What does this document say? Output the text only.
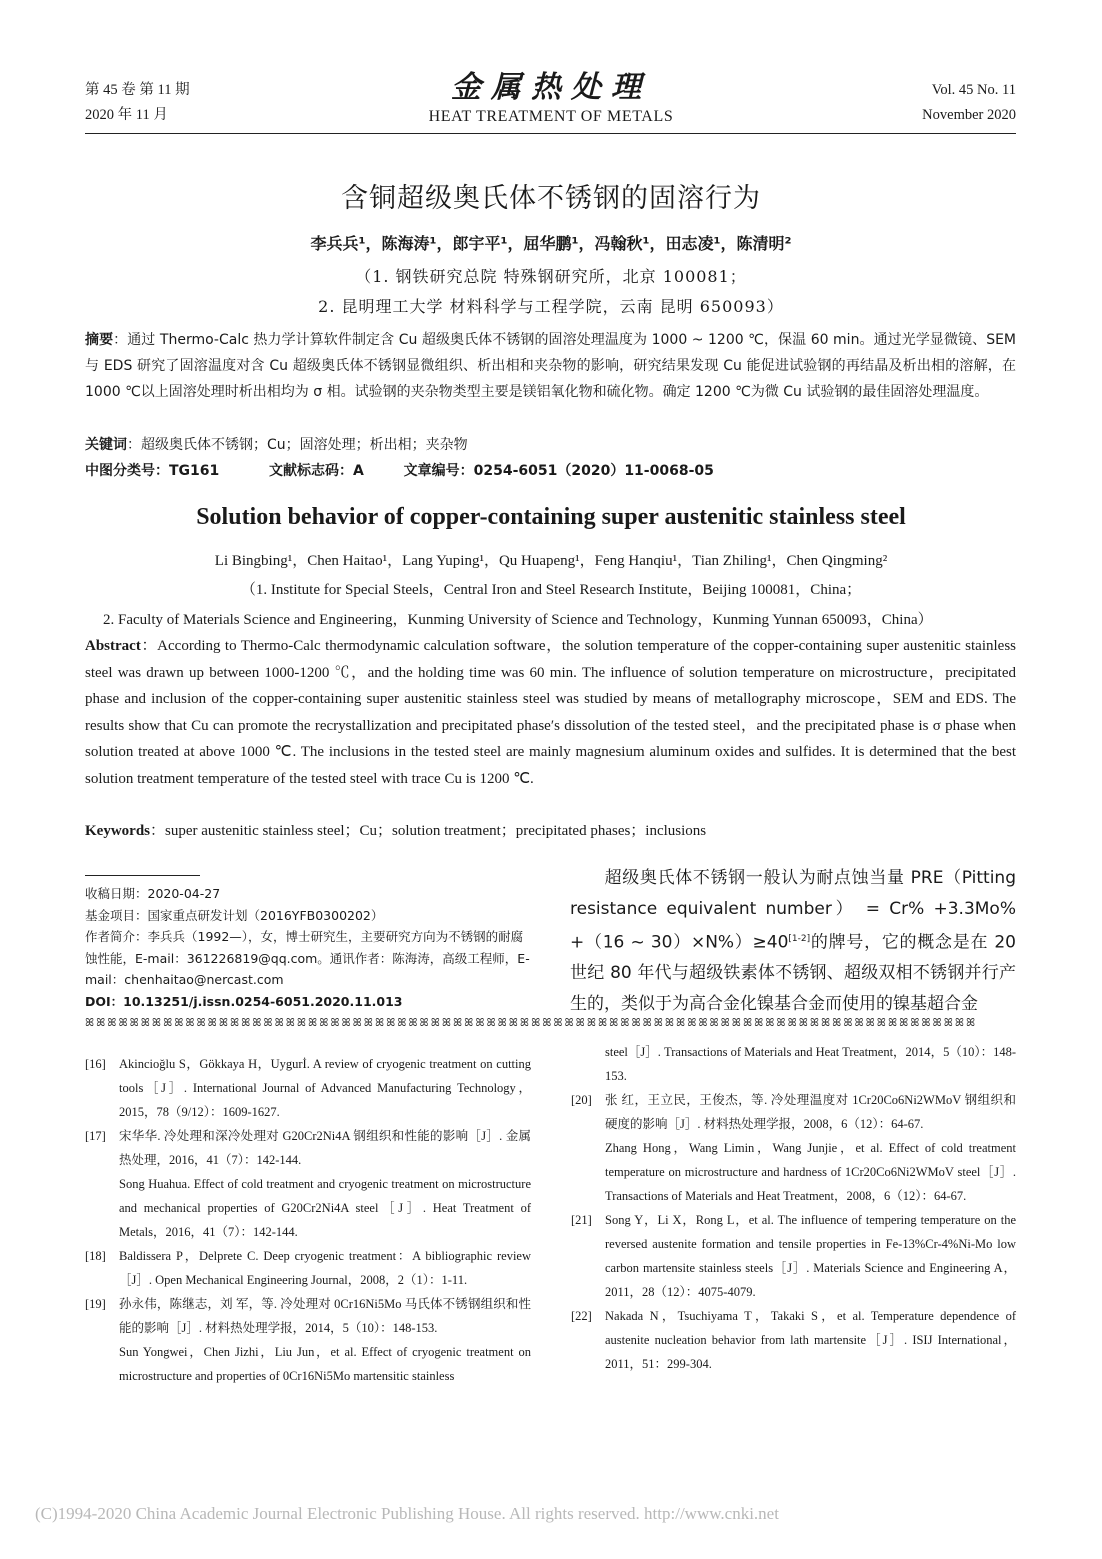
第 45 卷 第 11 期
2020 年 11 月
金属热处理
HEAT TREATMENT OF METALS
Vol. 45 No. 11
November 2020
含铜超级奥氏体不锈钢的固溶行为
李兵兵¹，陈海涛¹，郎宇平¹，屈华鹏¹，冯翰秋¹，田志凌¹，陈清明²
（1. 钢铁研究总院 特殊钢研究所，北京 100081；
2. 昆明理工大学 材料科学与工程学院，云南 昆明 650093）
摘要：通过 Thermo-Calc 热力学计算软件制定含 Cu 超级奥氏体不锈钢的固溶处理温度为 1000 ~ 1200 ℃，保温 60 min。通过光学显微镜、SEM 与 EDS 研究了固溶温度对含 Cu 超级奥氏体不锈钢显微组织、析出相和夹杂物的影响，研究结果发现 Cu 能促进试验钢的再结晶及析出相的溶解，在 1000 ℃以上固溶处理时析出相均为 σ 相。试验钢的夹杂物类型主要是镁铝氧化物和硫化物。确定 1200 ℃为微 Cu 试验钢的最佳固溶处理温度。
关键词：超级奥氏体不锈钢；Cu；固溶处理；析出相；夹杂物
中图分类号：TG161	文献标志码：A	文章编号：0254-6051（2020）11-0068-05
Solution behavior of copper-containing super austenitic stainless steel
Li Bingbing¹，Chen Haitao¹，Lang Yuping¹，Qu Huapeng¹，Feng Hanqiu¹，Tian Zhiling¹，Chen Qingming²
（1. Institute for Special Steels，Central Iron and Steel Research Institute，Beijing 100081，China；
2. Faculty of Materials Science and Engineering，Kunming University of Science and Technology，Kunming Yunnan 650093，China）
Abstract：According to Thermo-Calc thermodynamic calculation software，the solution temperature of the copper-containing super austenitic stainless steel was drawn up between 1000-1200 ℃，and the holding time was 60 min. The influence of solution temperature on microstructure，precipitated phase and inclusion of the copper-containing super austenitic stainless steel was studied by means of metallography microscope，SEM and EDS. The results show that Cu can promote the recrystallization and precipitated phase′s dissolution of the tested steel，and the precipitated phase is σ phase when solution treated at above 1000 ℃. The inclusions in the tested steel are mainly magnesium aluminum oxides and sulfides. It is determined that the best solution treatment temperature of the tested steel with trace Cu is 1200 ℃.
Keywords：super austenitic stainless steel；Cu；solution treatment；precipitated phases；inclusions
收稿日期：2020-04-27
基金项目：国家重点研发计划（2016YFB0300202）
作者简介：李兵兵（1992—），女，博士研究生，主要研究方向为不锈钢的耐腐蚀性能，E-mail：361226819@qq.com。通讯作者：陈海涛，高级工程师，E-mail：chenhaitao@nercast.com
DOI：10.13251/j.issn.0254-6051.2020.11.013
超级奥氏体不锈钢一般认为耐点蚀当量 PRE（Pitting resistance equivalent number） = Cr% +3.3Mo% +（16 ~ 30）×N%）≥40[1-2]的牌号，它的概念是在 20 世纪 80 年代与超级铁素体不锈钢、超级双相不锈钢并行产生的，类似于为高合金化镍基合金而使用的镍基超合金
ꕤꕤꕤꕤꕤꕤꕤꕤꕤꕤꕤꕤꕤꕤꕤꕤꕤꕤꕤꕤꕤꕤꕤꕤꕤꕤꕤꕤꕤꕤꕤꕤꕤꕤꕤꕤꕤꕤꕤꕤꕤꕤꕤꕤꕤꕤꕤꕤꕤꕤꕤꕤꕤꕤꕤꕤꕤꕤꕤꕤꕤꕤꕤꕤꕤꕤꕤꕤꕤꕤꕤꕤꕤꕤꕤꕤꕤꕤꕤꕤ
[16]	Akincioğlu S，Gökkaya H，Uygurİ. A review of cryogenic treatment on cutting tools［J］. International Journal of Advanced Manufacturing Technology，2015，78（9/12）：1609-1627.
[17]	宋华华. 冷处理和深冷处理对 G20Cr2Ni4A 钢组织和性能的影响［J］. 金属热处理，2016，41（7）：142-144.
Song Huahua. Effect of cold treatment and cryogenic treatment on microstructure and mechanical properties of G20Cr2Ni4A steel［J］. Heat Treatment of Metals，2016，41（7）：142-144.
[18]	Baldissera P，Delprete C. Deep cryogenic treatment：A bibliographic review［J］. Open Mechanical Engineering Journal，2008，2（1）：1-11.
[19]	孙永伟，陈继志，刘 军，等. 冷处理对 0Cr16Ni5Mo 马氏体不锈钢组织和性能的影响［J］. 材料热处理学报，2014，5（10）：148-153.
Sun Yongwei，Chen Jizhi，Liu Jun，et al. Effect of cryogenic treatment on microstructure and properties of 0Cr16Ni5Mo martensitic stainless
steel［J］. Transactions of Materials and Heat Treatment，2014，5（10）：148-153.
[20]	张 红，王立民，王俊杰，等. 冷处理温度对 1Cr20Co6Ni2WMoV 钢组织和硬度的影响［J］. 材料热处理学报，2008，6（12）：64-67.
Zhang Hong，Wang Limin，Wang Junjie，et al. Effect of cold treatment temperature on microstructure and hardness of 1Cr20Co6Ni2WMoV steel［J］. Transactions of Materials and Heat Treatment，2008，6（12）：64-67.
[21]	Song Y，Li X，Rong L，et al. The influence of tempering temperature on the reversed austenite formation and tensile properties in Fe-13%Cr-4%Ni-Mo low carbon martensite stainless steels［J］. Materials Science and Engineering A，2011，28（12）：4075-4079.
[22]	Nakada N，Tsuchiyama T，Takaki S，et al. Temperature dependence of austenite nucleation behavior from lath martensite［J］. ISIJ International，2011，51：299-304.
(C)1994-2020 China Academic Journal Electronic Publishing House. All rights reserved. http://www.cnki.net
